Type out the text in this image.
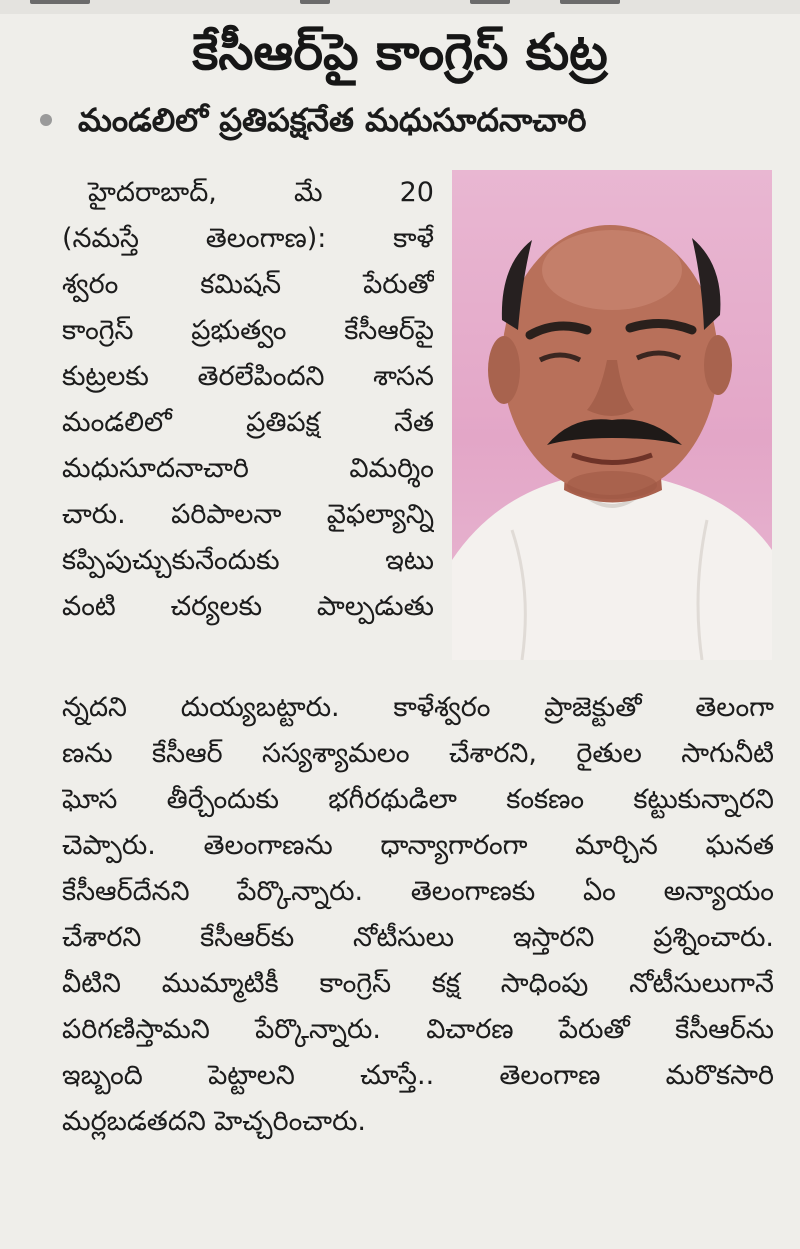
కేసీఆర్‌పై కాంగ్రెస్‌ కుట్ర
మండలిలో ప్రతిపక్షనేత మధుసూదనాచారి
హైదరాబాద్‌, మే 20
(నమస్తే తెలంగాణ): కాళే
శ్వరం కమిషన్‌ పేరుతో
కాంగ్రెస్‌ ప్రభుత్వం కేసీఆర్‌పై
కుట్రలకు తెరలేపిందని శాసన
మండలిలో ప్రతిపక్ష నేత
మధుసూదనాచారి విమర్శిం
చారు. పరిపాలనా వైఫల్యాన్ని
కప్పిపుచ్చుకునేందుకు ఇటు
వంటి చర్యలకు పాల్పడుతు
న్నదని దుయ్యబట్టారు. కాళేశ్వరం ప్రాజెక్టుతో తెలంగా
ణను కేసీఆర్‌ సస్యశ్యామలం చేశారని, రైతుల సాగునీటి
ఘోస తీర్చేందుకు భగీరథుడిలా కంకణం కట్టుకున్నారని
చెప్పారు. తెలంగాణను ధాన్యాగారంగా మార్చిన ఘనత
కేసీఆర్‌దేనని పేర్కొన్నారు. తెలంగాణకు ఏం అన్యాయం
చేశారని కేసీఆర్‌కు నోటీసులు ఇస్తారని ప్రశ్నించారు.
వీటిని ముమ్మాటికీ కాంగ్రెస్‌ కక్ష సాధింపు నోటీసులుగానే
పరిగణిస్తామని పేర్కొన్నారు. విచారణ పేరుతో కేసీఆర్‌ను
ఇబ్బంది పెట్టాలని చూస్తే.. తెలంగాణ మరొకసారి
మర్లబడతదని హెచ్చరించారు.
